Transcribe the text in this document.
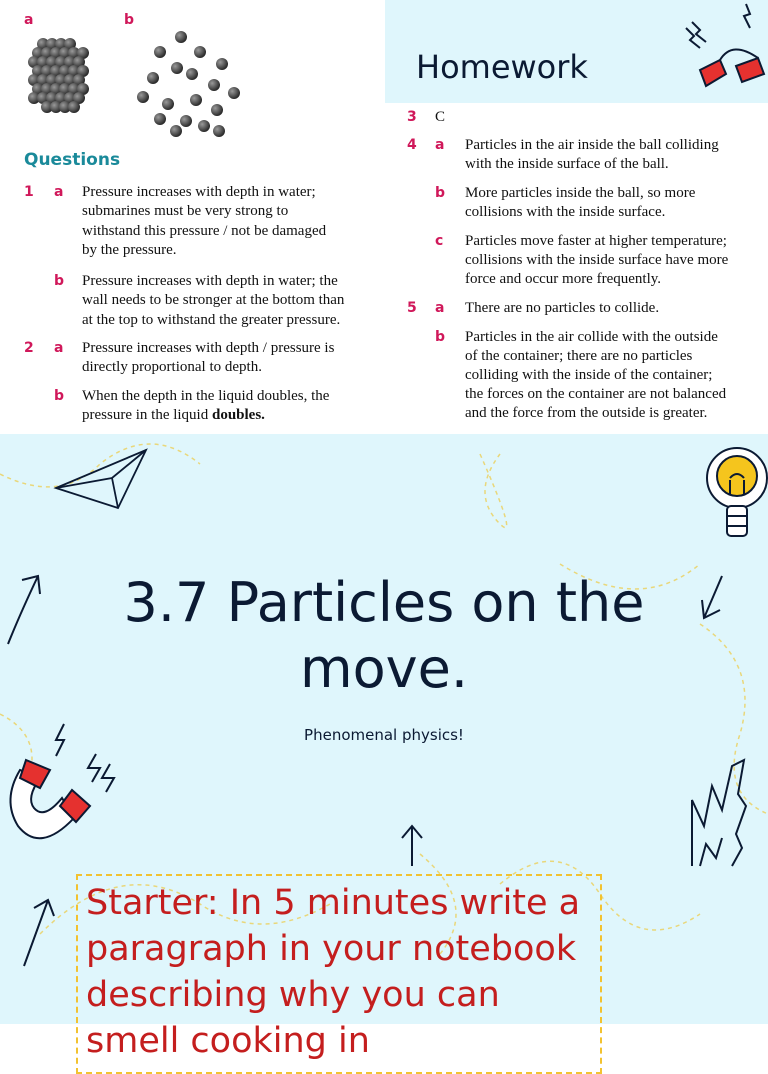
a	b
Questions
1 a
b
2 a
b
Pressure increases with depth in water;
submarines must be very strong to
withstand this pressure / not be damaged
by the pressure.
Pressure increases with depth in water; the
wall needs to be stronger at the bottom than
at the top to withstand the greater pressure.
Pressure increases with depth / pressure is
directly proportional to depth.
When the depth in the liquid doubles, the
pressure in the liquid doubles.
Homework
3
4 a
b
c
5 a
b
C
Particles in the air inside the ball colliding
with the inside surface of the ball.
More particles inside the ball, so more
collisions with the inside surface.
Particles move faster at higher temperature;
collisions with the inside surface have more
force and occur more frequently.
There are no particles to collide.
Particles in the air collide with the outside
of the container; there are no particles
colliding with the inside of the container;
the forces on the container are not balanced
and the force from the outside is greater.
3.7 Particles on the
move.
Phenomenal physics!
Starter: In 5 minutes write a paragraph in your notebook describing why you can smell cooking in
